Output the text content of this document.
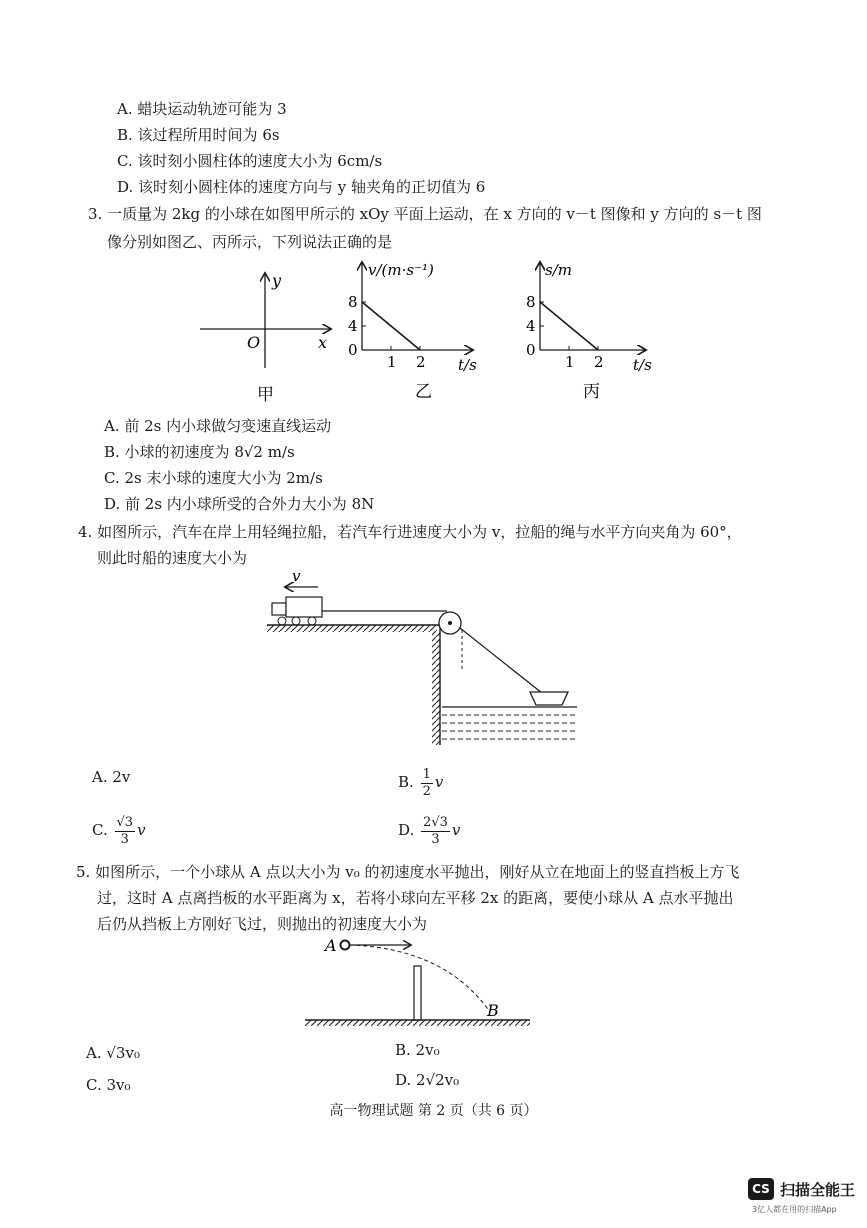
A. 蜡块运动轨迹可能为 3
B. 该过程所用时间为 6s
C. 该时刻小圆柱体的速度大小为 6cm/s
D. 该时刻小圆柱体的速度方向与 y 轴夹角的正切值为 6
3. 一质量为 2kg 的小球在如图甲所示的 xOy 平面上运动，在 x 方向的 v－t 图像和 y 方向的 s－t 图
像分别如图乙、丙所示，下列说法正确的是
y
x
O
甲
v/(m·s⁻¹)
t/s
乙
0
4
8
1 2
s/m
t/s
丙
0
4
8
1 2
A. 前 2s 内小球做匀变速直线运动
B. 小球的初速度为 8√2 m/s
C. 2s 末小球的速度大小为 2m/s
D. 前 2s 内小球所受的合外力大小为 8N
4. 如图所示，汽车在岸上用轻绳拉船，若汽车行进速度大小为 v，拉船的绳与水平方向夹角为 60°，
则此时船的速度大小为
v
A. 2v	B. $\frac{1}{2}$ v
C. $\frac{√3}{3}$ v	D. $\frac{2√3}{3}$ v
5. 如图所示，一个小球从 A 点以大小为 v₀ 的初速度水平抛出，刚好从立在地面上的竖直挡板上方飞
过，这时 A 点离挡板的水平距离为 x，若将小球向左平移 2x 的距离，要使小球从 A 点水平抛出
后仍从挡板上方刚好飞过，则抛出的初速度大小为
A
B
A. √3v₀	B. 2v₀
C. 3v₀	D. 2√2v₀
高一物理试题 第 2 页（共 6 页）
CS 扫描全能王
3亿人都在用的扫描App
